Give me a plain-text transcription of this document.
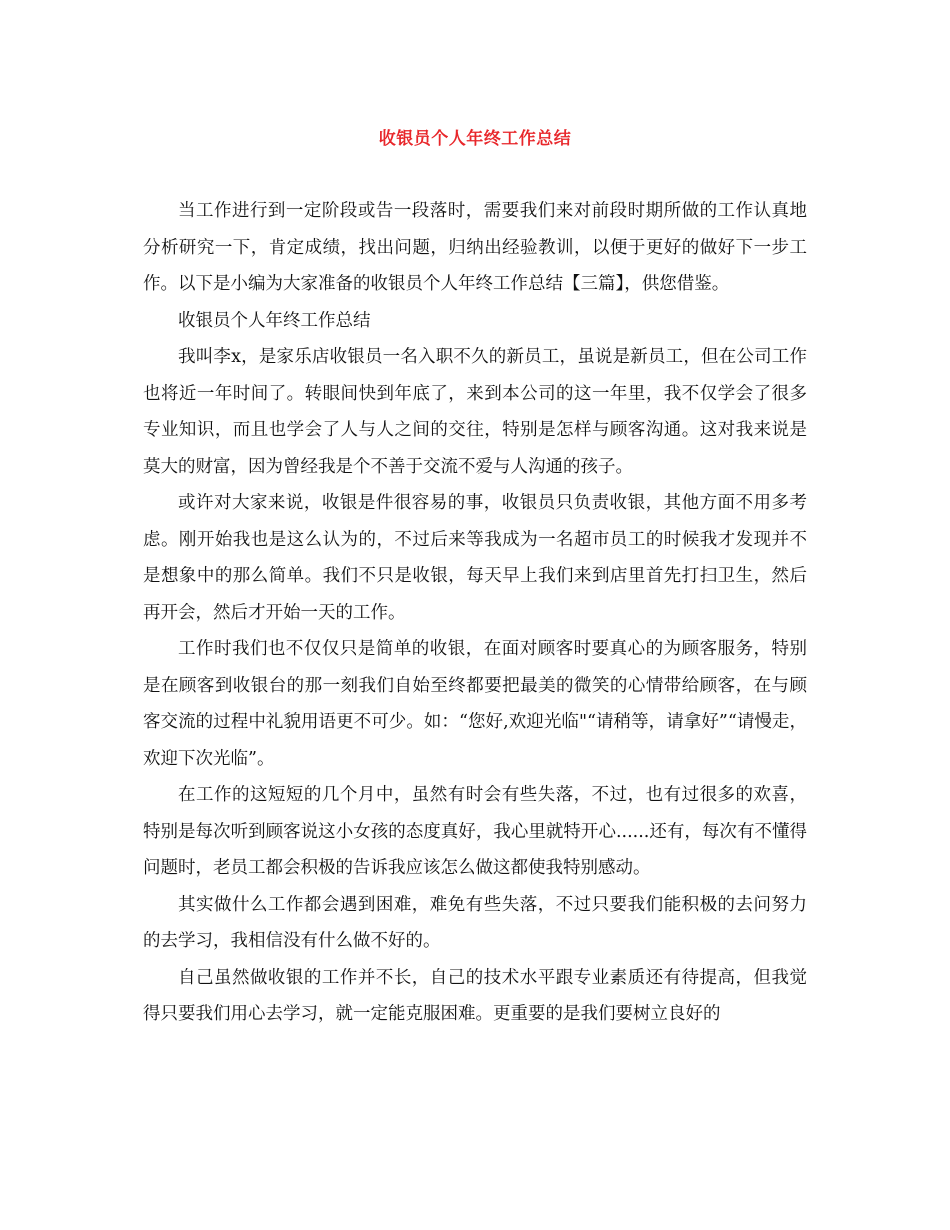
收银员个人年终工作总结

当工作进行到一定阶段或告一段落时，需要我们来对前段时期所做的工作认真地分析研究一下，肯定成绩，找出问题，归纳出经验教训，以便于更好的做好下一步工作。以下是小编为大家准备的收银员个人年终工作总结【三篇】，供您借鉴。

收银员个人年终工作总结

我叫李x，是家乐店收银员一名入职不久的新员工，虽说是新员工，但在公司工作也将近一年时间了。转眼间快到年底了，来到本公司的这一年里，我不仅学会了很多专业知识，而且也学会了人与人之间的交往，特别是怎样与顾客沟通。这对我来说是莫大的财富，因为曾经我是个不善于交流不爱与人沟通的孩子。

或许对大家来说，收银是件很容易的事，收银员只负责收银，其他方面不用多考虑。刚开始我也是这么认为的，不过后来等我成为一名超市员工的时候我才发现并不是想象中的那么简单。我们不只是收银，每天早上我们来到店里首先打扫卫生，然后再开会，然后才开始一天的工作。

工作时我们也不仅仅只是简单的收银，在面对顾客时要真心的为顾客服务，特别是在顾客到收银台的那一刻我们自始至终都要把最美的微笑的心情带给顾客，在与顾客交流的过程中礼貌用语更不可少。如：“您好,欢迎光临"“请稍等，请拿好”“请慢走，欢迎下次光临”。

在工作的这短短的几个月中，虽然有时会有些失落，不过，也有过很多的欢喜，特别是每次听到顾客说这小女孩的态度真好，我心里就特开心......还有，每次有不懂得问题时，老员工都会积极的告诉我应该怎么做这都使我特别感动。

其实做什么工作都会遇到困难，难免有些失落，不过只要我们能积极的去问努力的去学习，我相信没有什么做不好的。

自己虽然做收银的工作并不长，自己的技术水平跟专业素质还有待提高，但我觉得只要我们用心去学习，就一定能克服困难。更重要的是我们要树立良好的
